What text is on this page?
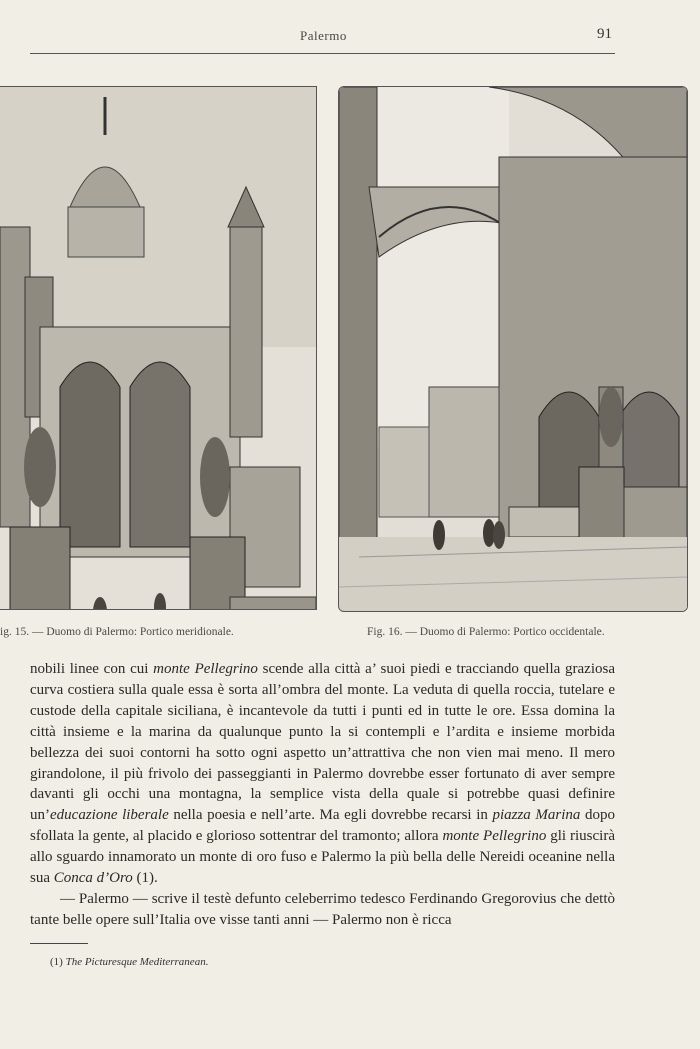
Palermo	91
ig. 15. — Duomo di Palermo: Portico meridionale.	Fig. 16. — Duomo di Palermo: Portico occidentale.

nobili linee con cui monte Pellegrino scende alla città a’ suoi piedi e tracciando quella graziosa curva costiera sulla quale essa è sorta all’ombra del monte. La veduta di quella roccia, tutelare e custode della capitale siciliana, è incantevole da tutti i punti ed in tutte le ore. Essa domina la città insieme e la marina da qualunque punto la si contempli e l’ardita e insieme morbida bellezza dei suoi contorni ha sotto ogni aspetto un’attrattiva che non vien mai meno. Il mero girandolone, il più frivolo dei passeggianti in Palermo dovrebbe esser fortunato di aver sempre davanti gli occhi una montagna, la semplice vista della quale si potrebbe quasi definire un’educazione liberale nella poesia e nell’arte. Ma egli dovrebbe recarsi in piazza Marina dopo sfollata la gente, al placido e glorioso sottentrar del tramonto; allora monte Pellegrino gli riuscirà allo sguardo innamorato un monte di oro fuso e Palermo la più bella delle Nereidi oceanine nella sua Conca d’Oro (1).

— Palermo — scrive il testè defunto celeberrimo tedesco Ferdinando Gregorovius che dettò tante belle opere sull’Italia ove visse tanti anni — Palermo non è ricca

(1) The Picturesque Mediterranean.
